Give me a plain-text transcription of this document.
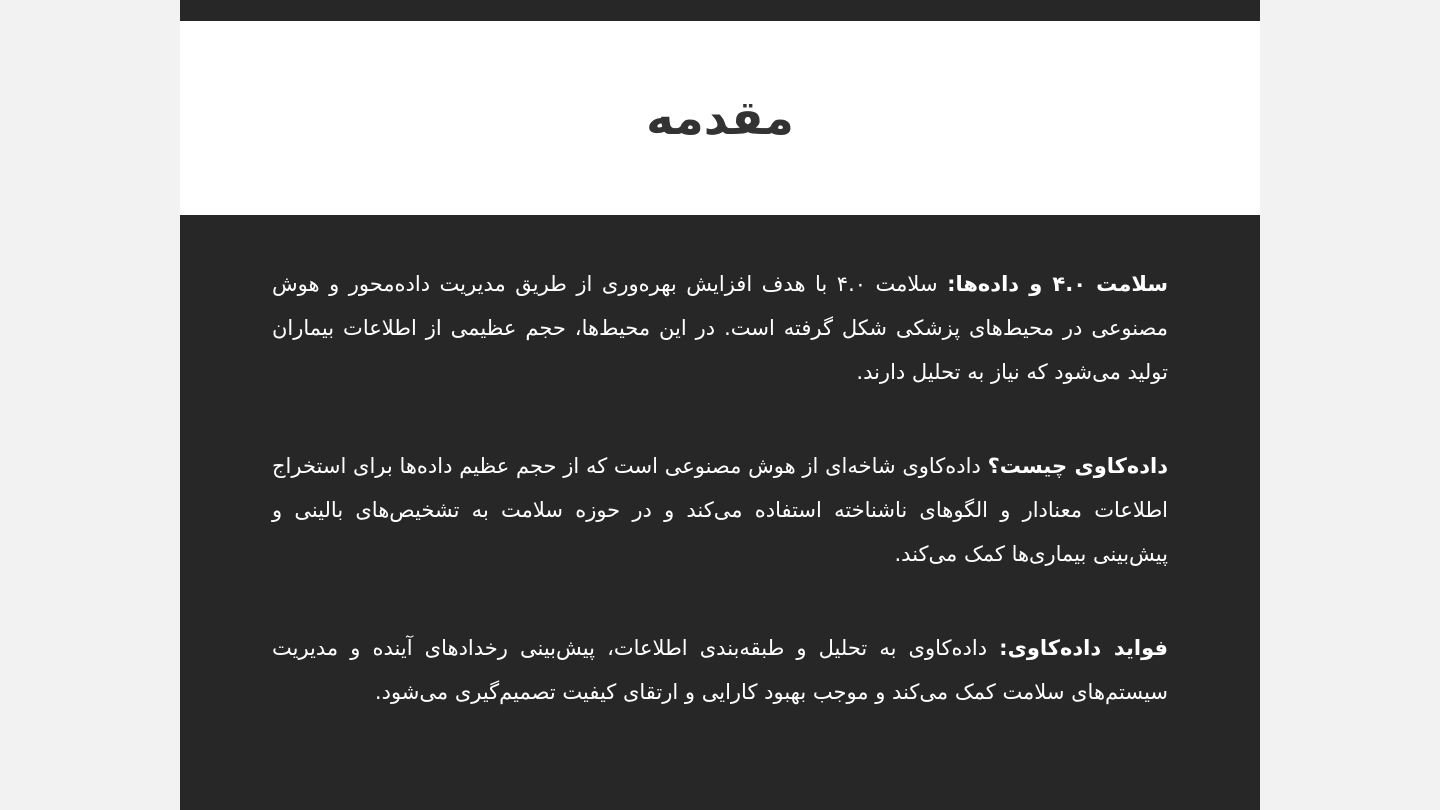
مقدمه

سلامت ۴.۰ و داده‌ها: سلامت ۴.۰ با هدف افزایش بهره‌وری از طریق مدیریت داده‌محور و هوش مصنوعی در محیط‌های پزشکی شکل گرفته است. در این محیط‌ها، حجم عظیمی از اطلاعات بیماران تولید می‌شود که نیاز به تحلیل دارند.

داده‌کاوی چیست؟ داده‌کاوی شاخه‌ای از هوش مصنوعی است که از حجم عظیم داده‌ها برای استخراج اطلاعات معنادار و الگوهای ناشناخته استفاده می‌کند و در حوزه سلامت به تشخیص‌های بالینی و پیش‌بینی بیماری‌ها کمک می‌کند.

فواید داده‌کاوی: داده‌کاوی به تحلیل و طبقه‌بندی اطلاعات، پیش‌بینی رخدادهای آینده و مدیریت سیستم‌های سلامت کمک می‌کند و موجب بهبود کارایی و ارتقای کیفیت تصمیم‌گیری می‌شود.
